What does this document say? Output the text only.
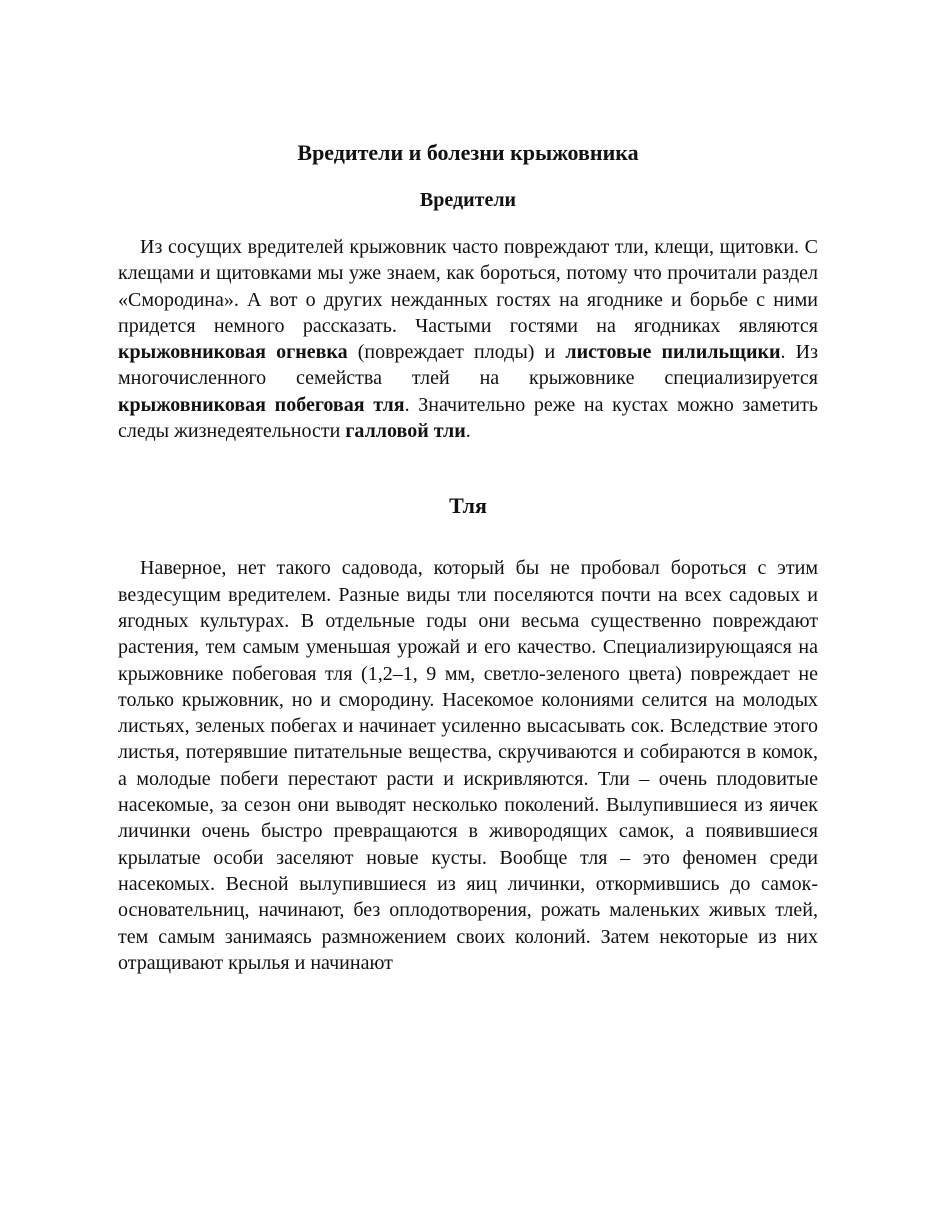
Вредители и болезни крыжовника
Вредители

Из сосущих вредителей крыжовник часто повреждают тли, клещи, щитовки. С клещами и щитовками мы уже знаем, как бороться, потому что прочитали раздел «Смородина». А вот о других нежданных гостях на ягоднике и борьбе с ними придется немного рассказать. Частыми гостями на ягодниках являются крыжовниковая огневка (повреждает плоды) и листовые пилильщики. Из многочисленного семейства тлей на крыжовнике специализируется крыжовниковая побеговая тля. Значительно реже на кустах можно заметить следы жизнедеятельности галловой тли.

Тля

Наверное, нет такого садовода, который бы не пробовал бороться с этим вездесущим вредителем. Разные виды тли поселяются почти на всех садовых и ягодных культурах. В отдельные годы они весьма существенно повреждают растения, тем самым уменьшая урожай и его качество. Специализирующаяся на крыжовнике побеговая тля (1,2–1, 9 мм, светло-зеленого цвета) повреждает не только крыжовник, но и смородину. Насекомое колониями селится на молодых листьях, зеленых побегах и начинает усиленно высасывать сок. Вследствие этого листья, потерявшие питательные вещества, скручиваются и собираются в комок, а молодые побеги перестают расти и искривляются. Тли – очень плодовитые насекомые, за сезон они выводят несколько поколений. Вылупившиеся из яичек личинки очень быстро превращаются в живородящих самок, а появившиеся крылатые особи заселяют новые кусты. Вообще тля – это феномен среди насекомых. Весной вылупившиеся из яиц личинки, откормившись до самок-основательниц, начинают, без оплодотворения, рожать маленьких живых тлей, тем самым занимаясь размножением своих колоний. Затем некоторые из них отращивают крылья и начинают
